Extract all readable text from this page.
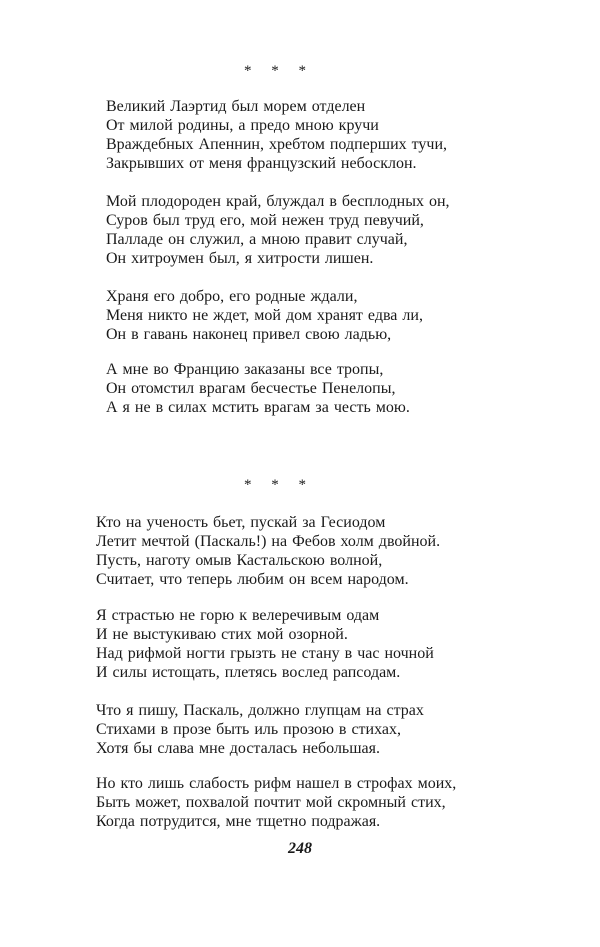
* * *
Великий Лаэртид был морем отделен
От милой родины, а предо мною кручи
Враждебных Апеннин, хребтом подперших тучи,
Закрывших от меня французский небосклон.
Мой плодороден край, блуждал в бесплодных он,
Суров был труд его, мой нежен труд певучий,
Палладе он служил, а мною правит случай,
Он хитроумен был, я хитрости лишен.
Храня его добро, его родные ждали,
Меня никто не ждет, мой дом хранят едва ли,
Он в гавань наконец привел свою ладью,
А мне во Францию заказаны все тропы,
Он отомстил врагам бесчестье Пенелопы,
А я не в силах мстить врагам за честь мою.
* * *
Кто на ученость бьет, пускай за Гесиодом
Летит мечтой (Паскаль!) на Фебов холм двойной.
Пусть, наготу омыв Кастальскою волной,
Считает, что теперь любим он всем народом.
Я страстью не горю к велеречивым одам
И не выстукиваю стих мой озорной.
Над рифмой ногти грызть не стану в час ночной
И силы истощать, плетясь вослед рапсодам.
Что я пишу, Паскаль, должно глупцам на страх
Стихами в прозе быть иль прозою в стихах,
Хотя бы слава мне досталась небольшая.
Но кто лишь слабость рифм нашел в строфах моих,
Быть может, похвалой почтит мой скромный стих,
Когда потрудится, мне тщетно подражая.
248
